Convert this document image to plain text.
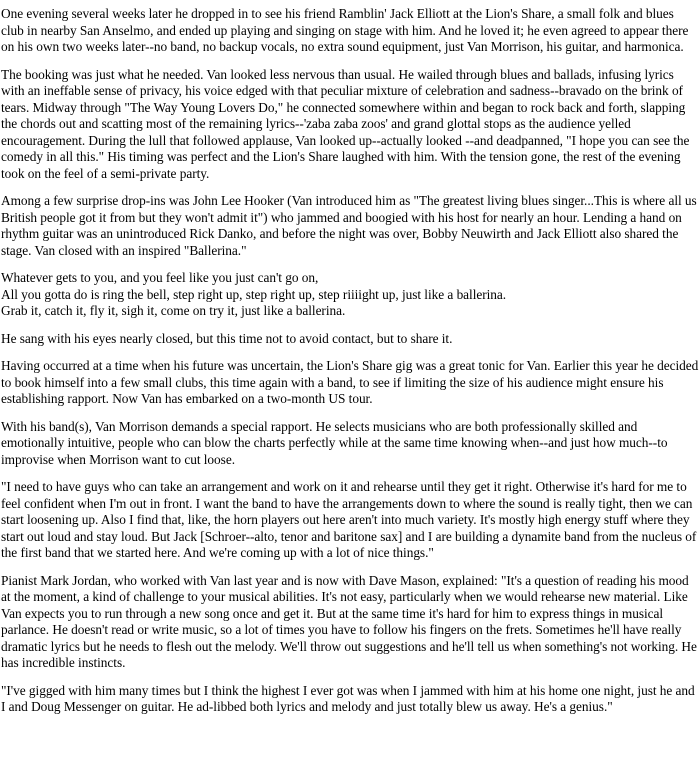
One evening several weeks later he dropped in to see his friend Ramblin' Jack Elliott at the Lion's Share, a small folk and blues club in nearby San Anselmo, and ended up playing and singing on stage with him. And he loved it; he even agreed to appear there on his own two weeks later--no band, no backup vocals, no extra sound equipment, just Van Morrison, his guitar, and harmonica.

The booking was just what he needed. Van looked less nervous than usual. He wailed through blues and ballads, infusing lyrics with an ineffable sense of privacy, his voice edged with that peculiar mixture of celebration and sadness--bravado on the brink of tears. Midway through "The Way Young Lovers Do," he connected somewhere within and began to rock back and forth, slapping the chords out and scatting most of the remaining lyrics--'zaba zaba zoos' and grand glottal stops as the audience yelled encouragement. During the lull that followed applause, Van looked up--actually looked --and deadpanned, "I hope you can see the comedy in all this." His timing was perfect and the Lion's Share laughed with him. With the tension gone, the rest of the evening took on the feel of a semi-private party.

Among a few surprise drop-ins was John Lee Hooker (Van introduced him as "The greatest living blues singer...This is where all us British people got it from but they won't admit it") who jammed and boogied with his host for nearly an hour. Lending a hand on rhythm guitar was an unintroduced Rick Danko, and before the night was over, Bobby Neuwirth and Jack Elliott also shared the stage. Van closed with an inspired "Ballerina."

Whatever gets to you, and you feel like you just can't go on,
All you gotta do is ring the bell, step right up, step right up, step riiiight up, just like a ballerina.
Grab it, catch it, fly it, sigh it, come on try it, just like a ballerina.

He sang with his eyes nearly closed, but this time not to avoid contact, but to share it.

Having occurred at a time when his future was uncertain, the Lion's Share gig was a great tonic for Van. Earlier this year he decided to book himself into a few small clubs, this time again with a band, to see if limiting the size of his audience might ensure his establishing rapport. Now Van has embarked on a two-month US tour.

With his band(s), Van Morrison demands a special rapport. He selects musicians who are both professionally skilled and emotionally intuitive, people who can blow the charts perfectly while at the same time knowing when--and just how much--to improvise when Morrison want to cut loose.

"I need to have guys who can take an arrangement and work on it and rehearse until they get it right. Otherwise it's hard for me to feel confident when I'm out in front. I want the band to have the arrangements down to where the sound is really tight, then we can start loosening up. Also I find that, like, the horn players out here aren't into much variety. It's mostly high energy stuff where they start out loud and stay loud. But Jack [Schroer--alto, tenor and baritone sax] and I are building a dynamite band from the nucleus of the first band that we started here. And we're coming up with a lot of nice things."

Pianist Mark Jordan, who worked with Van last year and is now with Dave Mason, explained: "It's a question of reading his mood at the moment, a kind of challenge to your musical abilities. It's not easy, particularly when we would rehearse new material. Like Van expects you to run through a new song once and get it. But at the same time it's hard for him to express things in musical parlance. He doesn't read or write music, so a lot of times you have to follow his fingers on the frets. Sometimes he'll have really dramatic lyrics but he needs to flesh out the melody. We'll throw out suggestions and he'll tell us when something's not working. He has incredible instincts.

"I've gigged with him many times but I think the highest I ever got was when I jammed with him at his home one night, just he and I and Doug Messenger on guitar. He ad-libbed both lyrics and melody and just totally blew us away. He's a genius."
